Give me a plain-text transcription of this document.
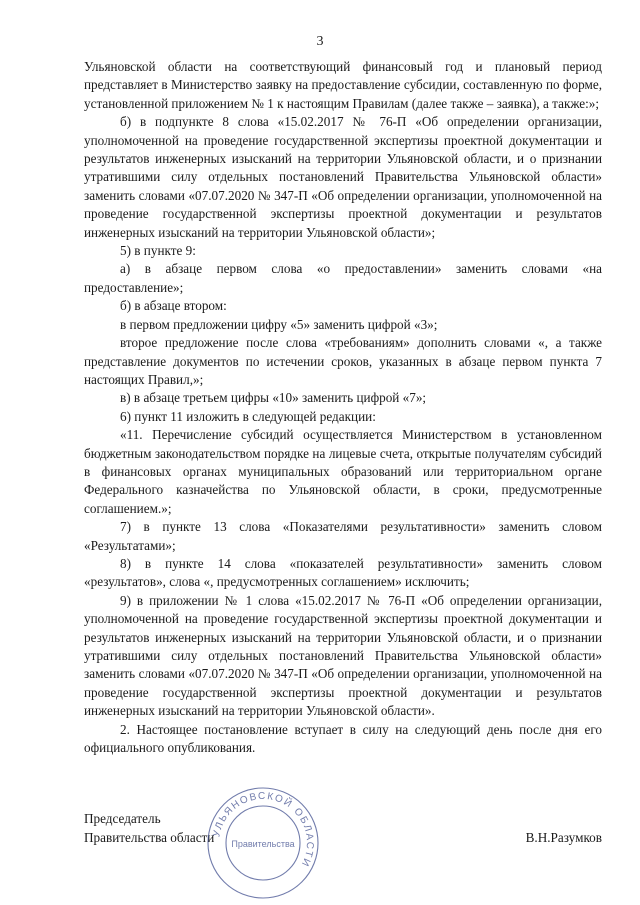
3

Ульяновской области на соответствующий финансовый год и плановый период представляет в Министерство заявку на предоставление субсидии, составленную по форме, установленной приложением № 1 к настоящим Правилам (далее также – заявка), а также:»;

б) в подпункте 8 слова «15.02.2017 № 76-П «Об определении организации, уполномоченной на проведение государственной экспертизы проектной документации и результатов инженерных изысканий на территории Ульяновской области, и о признании утратившими силу отдельных постановлений Правительства Ульяновской области» заменить словами «07.07.2020 № 347-П «Об определении организации, уполномоченной на проведение государственной экспертизы проектной документации и результатов инженерных изысканий на территории Ульяновской области»;

5) в пункте 9:

а) в абзаце первом слова «о предоставлении» заменить словами «на предоставление»;

б) в абзаце втором:

в первом предложении цифру «5» заменить цифрой «3»;

второе предложение после слова «требованиям» дополнить словами «, а также представление документов по истечении сроков, указанных в абзаце первом пункта 7 настоящих Правил,»;

в) в абзаце третьем цифры «10» заменить цифрой «7»;

6) пункт 11 изложить в следующей редакции:

«11. Перечисление субсидий осуществляется Министерством в установленном бюджетным законодательством порядке на лицевые счета, открытые получателям субсидий в финансовых органах муниципальных образований или территориальном органе Федерального казначейства по Ульяновской области, в сроки, предусмотренные соглашением.»;

7) в пункте 13 слова «Показателями результативности» заменить словом «Результатами»;

8) в пункте 14 слова «показателей результативности» заменить словом «результатов», слова «, предусмотренных соглашением» исключить;

9) в приложении № 1 слова «15.02.2017 № 76-П «Об определении организации, уполномоченной на проведение государственной экспертизы проектной документации и результатов инженерных изысканий на территории Ульяновской области, и о признании утратившими силу отдельных постановлений Правительства Ульяновской области» заменить словами «07.07.2020 № 347-П «Об определении организации, уполномоченной на проведение государственной экспертизы проектной документации и результатов инженерных изысканий на территории Ульяновской области».

2. Настоящее постановление вступает в силу на следующий день после дня его официального опубликования.

Председатель
Правительства области	В.Н.Разумков
УЛЬЯНОВСКОЙ ОБЛАСТИ
Правительства
